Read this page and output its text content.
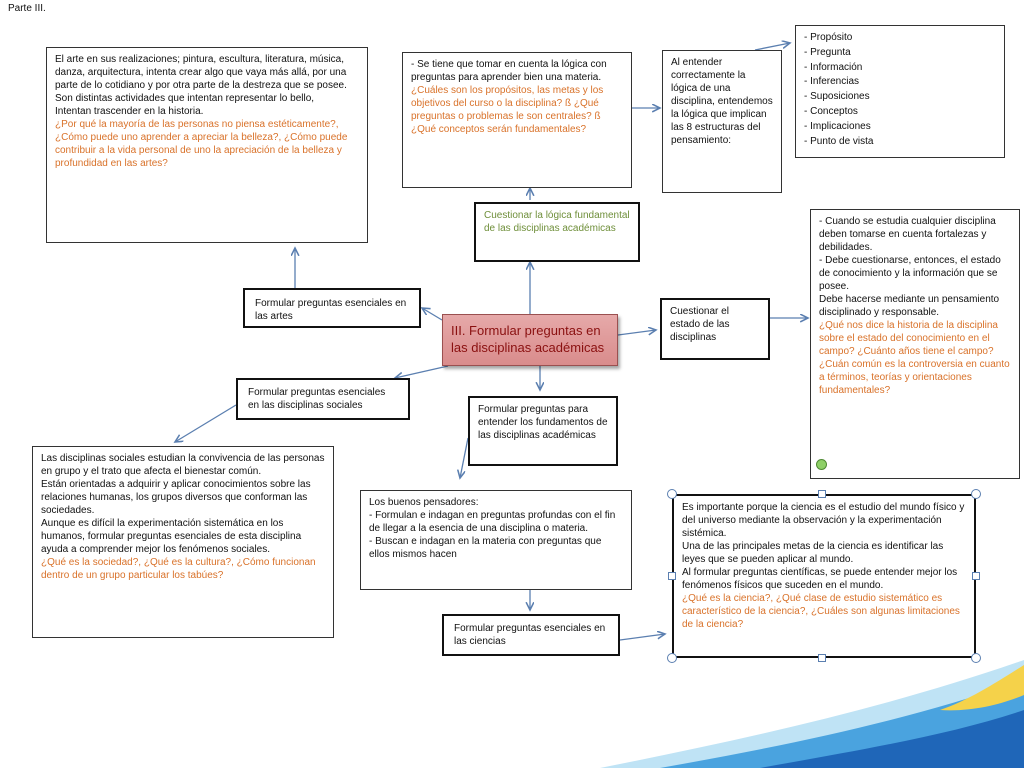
Parte III.
El arte en sus realizaciones; pintura, escultura, literatura, música, danza, arquitectura, intenta crear algo que vaya más allá, por una parte de lo cotidiano y por otra parte de la destreza que se posee.
Son distintas actividades que intentan representar lo bello,
Intentan trascender en la historia.
¿Por qué la mayoría de las personas no piensa estéticamente?, ¿Cómo puede uno aprender a apreciar la belleza?, ¿Cómo puede contribuir a la vida personal de uno la apreciación de la belleza y profundidad en las artes?
Formular preguntas esenciales en las artes
- Se tiene que tomar en cuenta la lógica con preguntas para aprender bien una materia.
¿Cuáles son los propósitos, las metas y los objetivos del curso o la disciplina? ß ¿Qué preguntas o problemas le son centrales? ß ¿Qué conceptos serán fundamentales?
Al entender correctamente la lógica de una disciplina, entendemos la lógica que implican las 8 estructuras del pensamiento:
- Propósito
- Pregunta
- Información
- Inferencias
- Suposiciones
- Conceptos
- Implicaciones
- Punto de vista
Cuestionar la lógica fundamental de las disciplinas académicas
Cuestionar el estado de las disciplinas
- Cuando se estudia cualquier disciplina deben tomarse en cuenta fortalezas y debilidades.
- Debe cuestionarse, entonces, el estado de conocimiento y la información que se posee.
Debe hacerse mediante un pensamiento disciplinado y responsable.
¿Qué nos dice la historia de la disciplina sobre el estado del conocimiento en el campo? ¿Cuánto años tiene el campo? ¿Cuán común es la controversia en cuanto a términos, teorías y orientaciones fundamentales?
III. Formular preguntas en las disciplinas académicas
Formular preguntas esenciales en las disciplinas sociales	Formular preguntas para entender los fundamentos de las disciplinas académicas
Las disciplinas sociales estudian la convivencia de las personas en grupo y el trato que afecta el bienestar común.
Están orientadas a adquirir y aplicar conocimientos sobre las relaciones humanas, los grupos diversos que conforman las sociedades.
Aunque es difícil la experimentación sistemática en los humanos, formular preguntas esenciales de esta disciplina ayuda a comprender mejor los fenómenos sociales.
¿Qué es la sociedad?, ¿Qué es la cultura?, ¿Cómo funcionan dentro de un grupo particular los tabúes?
Los buenos pensadores:
- Formulan e indagan en preguntas profundas con el fin de llegar a la esencia de una disciplina o materia.
- Buscan e indagan en la materia con preguntas que ellos mismos hacen
Formular preguntas esenciales en las ciencias
Es importante porque la ciencia es el estudio del mundo físico y del universo mediante la observación y la experimentación sistémica.
Una de las principales metas de la ciencia es identificar las leyes que se pueden aplicar al mundo.
Al formular preguntas científicas, se puede entender mejor los fenómenos físicos que suceden en el mundo.
¿Qué es la ciencia?, ¿Qué clase de estudio sistemático es característico de la ciencia?, ¿Cuáles son algunas limitaciones de la ciencia?
